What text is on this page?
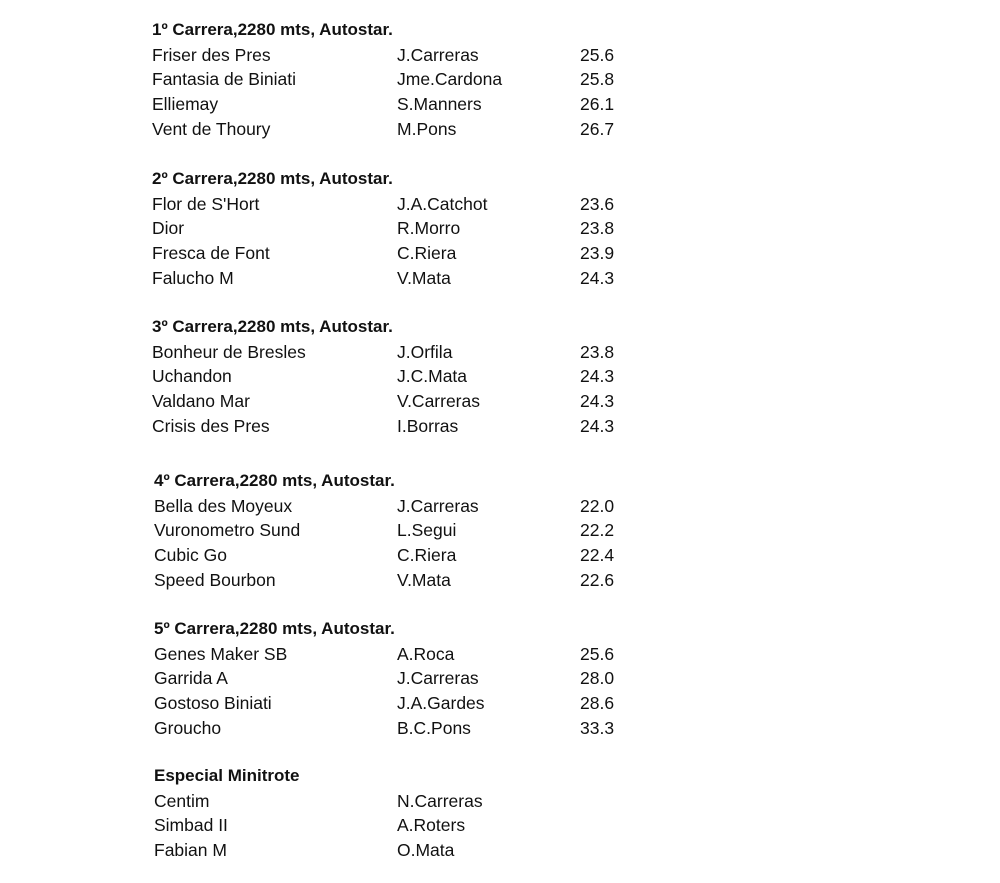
1º Carrera,2280 mts, Autostar.
Friser des Pres	J.Carreras	25.6
Fantasia de Biniati	Jme.Cardona	25.8
Elliemay	S.Manners	26.1
Vent de Thoury	M.Pons	26.7
2º Carrera,2280 mts, Autostar.
Flor de S'Hort	J.A.Catchot	23.6
Dior	R.Morro	23.8
Fresca de Font	C.Riera	23.9
Falucho M	V.Mata	24.3
3º Carrera,2280 mts, Autostar.
Bonheur de Bresles	J.Orfila	23.8
Uchandon	J.C.Mata	24.3
Valdano Mar	V.Carreras	24.3
Crisis des Pres	I.Borras	24.3
4º Carrera,2280 mts, Autostar.
Bella des Moyeux	J.Carreras	22.0
Vuronometro Sund	L.Segui	22.2
Cubic Go	C.Riera	22.4
Speed Bourbon	V.Mata	22.6
5º Carrera,2280 mts, Autostar.
Genes Maker SB	A.Roca	25.6
Garrida A	J.Carreras	28.0
Gostoso Biniati	J.A.Gardes	28.6
Groucho	B.C.Pons	33.3
Especial Minitrote
Centim	N.Carreras
Simbad II	A.Roters
Fabian M	O.Mata
